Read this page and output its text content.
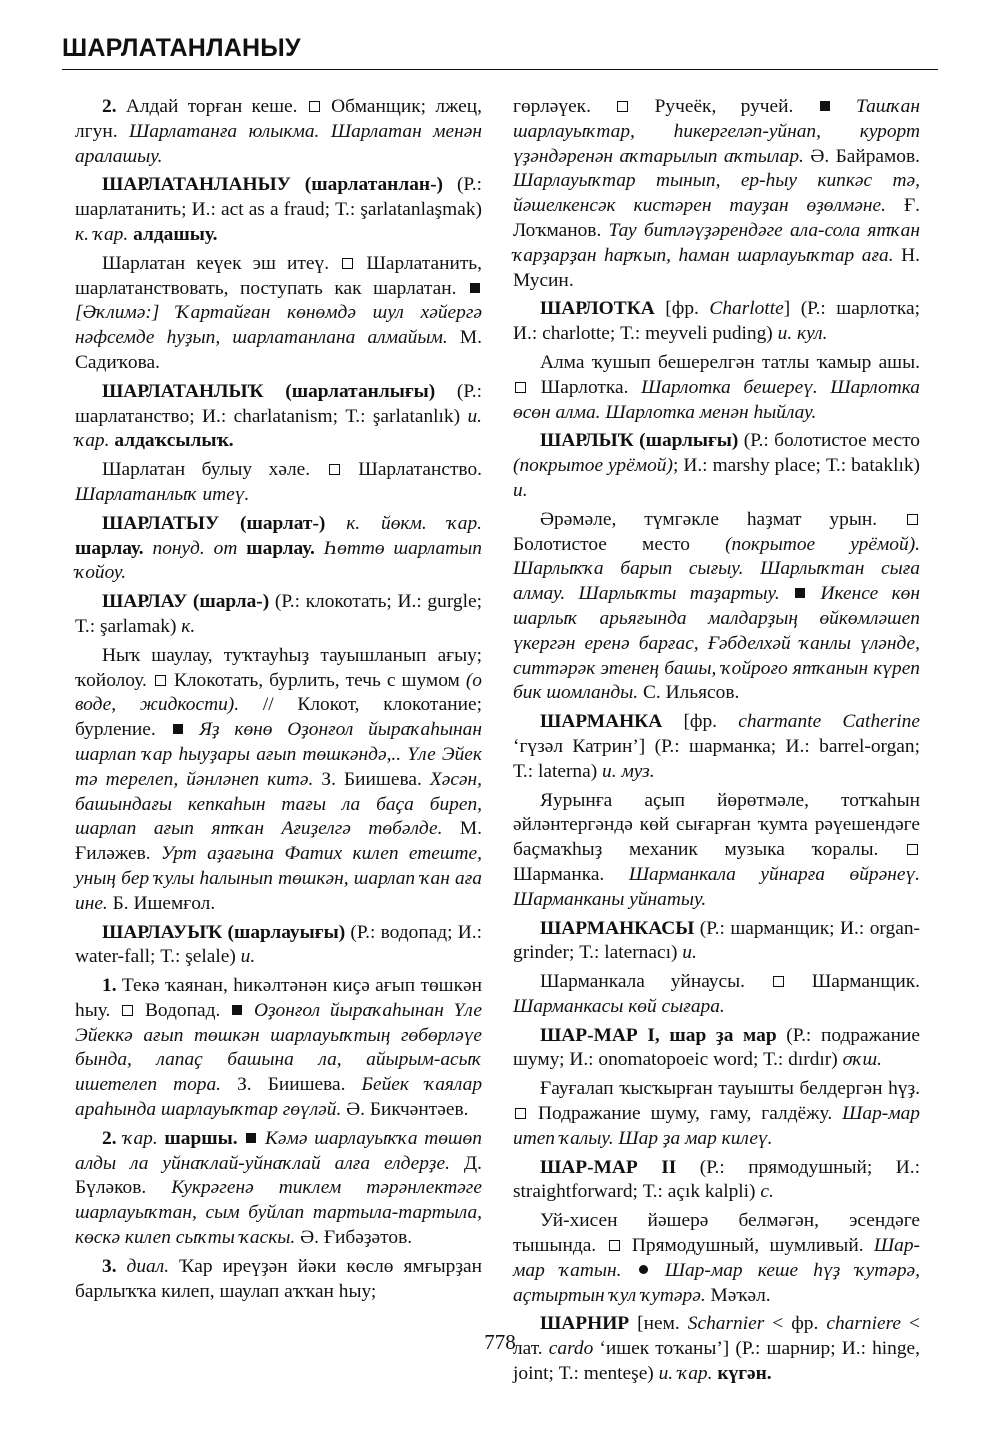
ШАРЛАТАНЛАНЫУ

2. Алдай торған кеше.  Обманщик; лжец, лгун. Шарлатанға юлыкма. Шарлатан менән аралашыу.

ШАРЛАТАНЛАНЫУ (шарлатанлан-) (Р.: шарлатанить; И.: act as a fraud; Т.: şarlatanlaşmak) к. ҡар. алдашыу.

Шарлатан кеүек эш итеү.  Шарлатанить, шарлатанствовать, поступать как шарлатан.  [Әҡлимә:] Ҡартайған көнөмдә шул хәйергә нәфсемде һуҙып, шарлатанлана алмайым. М. Садиҡова.

ШАРЛАТАНЛЫҠ (шарлатанлығы) (Р.: шарлатанство; И.: charlatanism; Т.: şarlatanlık) и. ҡар. алдаҡсылыҡ.

Шарлатан булыу хәле.  Шарлатанство. Шарлатанлыҡ итеү.

ШАРЛАТЫУ (шарлат-) к. йөкм. ҡар. шарлау. понуд. от шарлау. Һөттө шарлатып ҡойоу.

ШАРЛАУ (шарла-) (Р.: клокотать; И.: gurgle; Т.: şarlamak) к.

Ныҡ шаулау, туҡтауһыҙ тауышланып ағыу; ҡойолоу.  Клокотать, бурлить, течь с шумом (о воде, жидкости). // Клокот, клокотание; бурление.  Яҙ көнө Оҙонғол йыраҡаһынан шарлап ҡар һыуҙары ағып төшкәндә,.. Үле Эйек тә терелеп, йәнләнеп китә. З. Биишева. Хәсән, башындағы кепкаһын тағы ла баҫа биреп, шарлап ағып ятҡан Ағиҙелгә төбәлде. М. Ғиләжев. Урт аҙағына Фатих килеп етеште, уның бер ҡулы һалынып төшкән, шарлап ҡан аға ине. Б. Ишемғол.

ШАРЛАУЫҠ (шарлауығы) (Р.: водопад; И.: water-fall; Т.: şelale) и.

1. Текә ҡаянан, һикәлтәнән киҫә ағып төшкән һыу.  Водопад.  Оҙонғол йыраҡаһынан Үле Эйеккә ағып төшкән шарлауыҡтың гөбөрләүе бында, лапаҫ башына ла, айырым-асыҡ ишетелеп тора. З. Биишева. Бейек ҡаялар араһында шарлауыҡтар гөүләй. Ә. Бикчәнтәев.

2. ҡар. шаршы. Кәмә шарлауыҡҡа төшөп алды ла уйнаҡлай-уйнаҡлай алға елдерҙе. Д. Бүләков. Кукрәгенә тиклем тәрәнлектәге шарлауыҡтан, сым буйлап тартыла-тартыла, көскә килеп сыҡты ҡаскы. Ә. Ғибәҙәтов.

3. диал. Ҡар иреүҙән йәки көслө ямғырҙан барлыҡҡа килеп, шаулап аҡҡан һыу;

гөрләүек.  Ручеёк, ручей.  Ташҡан шарлауыҡтар, һикергеләп-уйнап, курорт үҙәндәренән аҡтарылып аҡтылар. Ә. Байрамов. Шарлауыҡтар тынып, ер-һыу кипкәс тә, йәшелкенсәк кистәрен тауҙан өҙөлмәне. Ғ. Лоҡманов. Тау битләүҙәрендәге ала-сола ятҡан ҡарҙарҙан һарҡып, һаман шарлауыҡтар аға. Н. Мусин.

ШАРЛОТКА [фр. Charlotte] (Р.: шарлотка; И.: charlotte; Т.: meyveli puding) и. кул.

Алма ҡушып бешерелгән татлы ҡамыр ашы.  Шарлотка. Шарлотка бешереү. Шарлотка өсөн алма. Шарлотка менән һыйлау.

ШАРЛЫҠ (шарлығы) (Р.: болотистое место (покрытое урёмой); И.: marshy place; Т.: bataklık) и.

Әрәмәле, түмгәкле һаҙмат урын.  Болотистое место (покрытое урёмой). Шарлыҡҡа барып сығыу. Шарлыҡтан сыға алмау. Шарлыҡты таҙартыу. Икенсе көн шарлыҡ арьяғында малдарҙың өйкөмләшеп үкергән еренә барғас, Ғәбделхәй ҡанлы үләнде, ситтәрәк этенең башы, ҡойроғо ятҡанын күреп бик шомланды. С. Ильясов.

ШАРМАНКА [фр. charmante Catherine ‘гүзәл Катрин’] (Р.: шарманка; И.: barrel-organ; Т.: laterna) и. муз.

Яурынға аҫып йөрөтмәле, тотҡаһын әйләнтергәндә көй сығарған ҡумта рәүешендәге баҫмаҡһыҙ механик музыка ҡоралы.  Шарманка. Шарманкала уйнарға өйрәнеү. Шарманканы уйнатыу.

ШАРМАНКАСЫ (Р.: шарманщик; И.: organ-grinder; Т.: laternacı) и.

Шарманкала уйнаусы.  Шарманщик. Шарманкасы көй сығара.

ШАР-МАР I, шар ҙа мар (Р.: подражание шуму; И.: onomatopoeic word; Т.: dırdır) оҡш.

Ғауғалап ҡысҡырған тауышты белдергән һүҙ.  Подражание шуму, гаму, галдёжу. Шар-мар итеп ҡалыу. Шар ҙа мар килеү.

ШАР-МАР II (Р.: прямодушный; И.: straightforward; Т.: açık kalpli) с.

Уй-хисен йәшерә белмәгән, эсендәге тышында.  Прямодушный, шумливый. Шар-мар ҡатын. Шар-мар кеше һүҙ ҡутәрә, аҫтыртын ҡул ҡутәрә. Мәҡәл.

ШАРНИР [нем. Scharnier < фр. charniere < лат. cardo ‘ишек тоҡаны’] (Р.: шарнир; И.: hinge, joint; Т.: menteşe) и. ҡар. күгән.

778
